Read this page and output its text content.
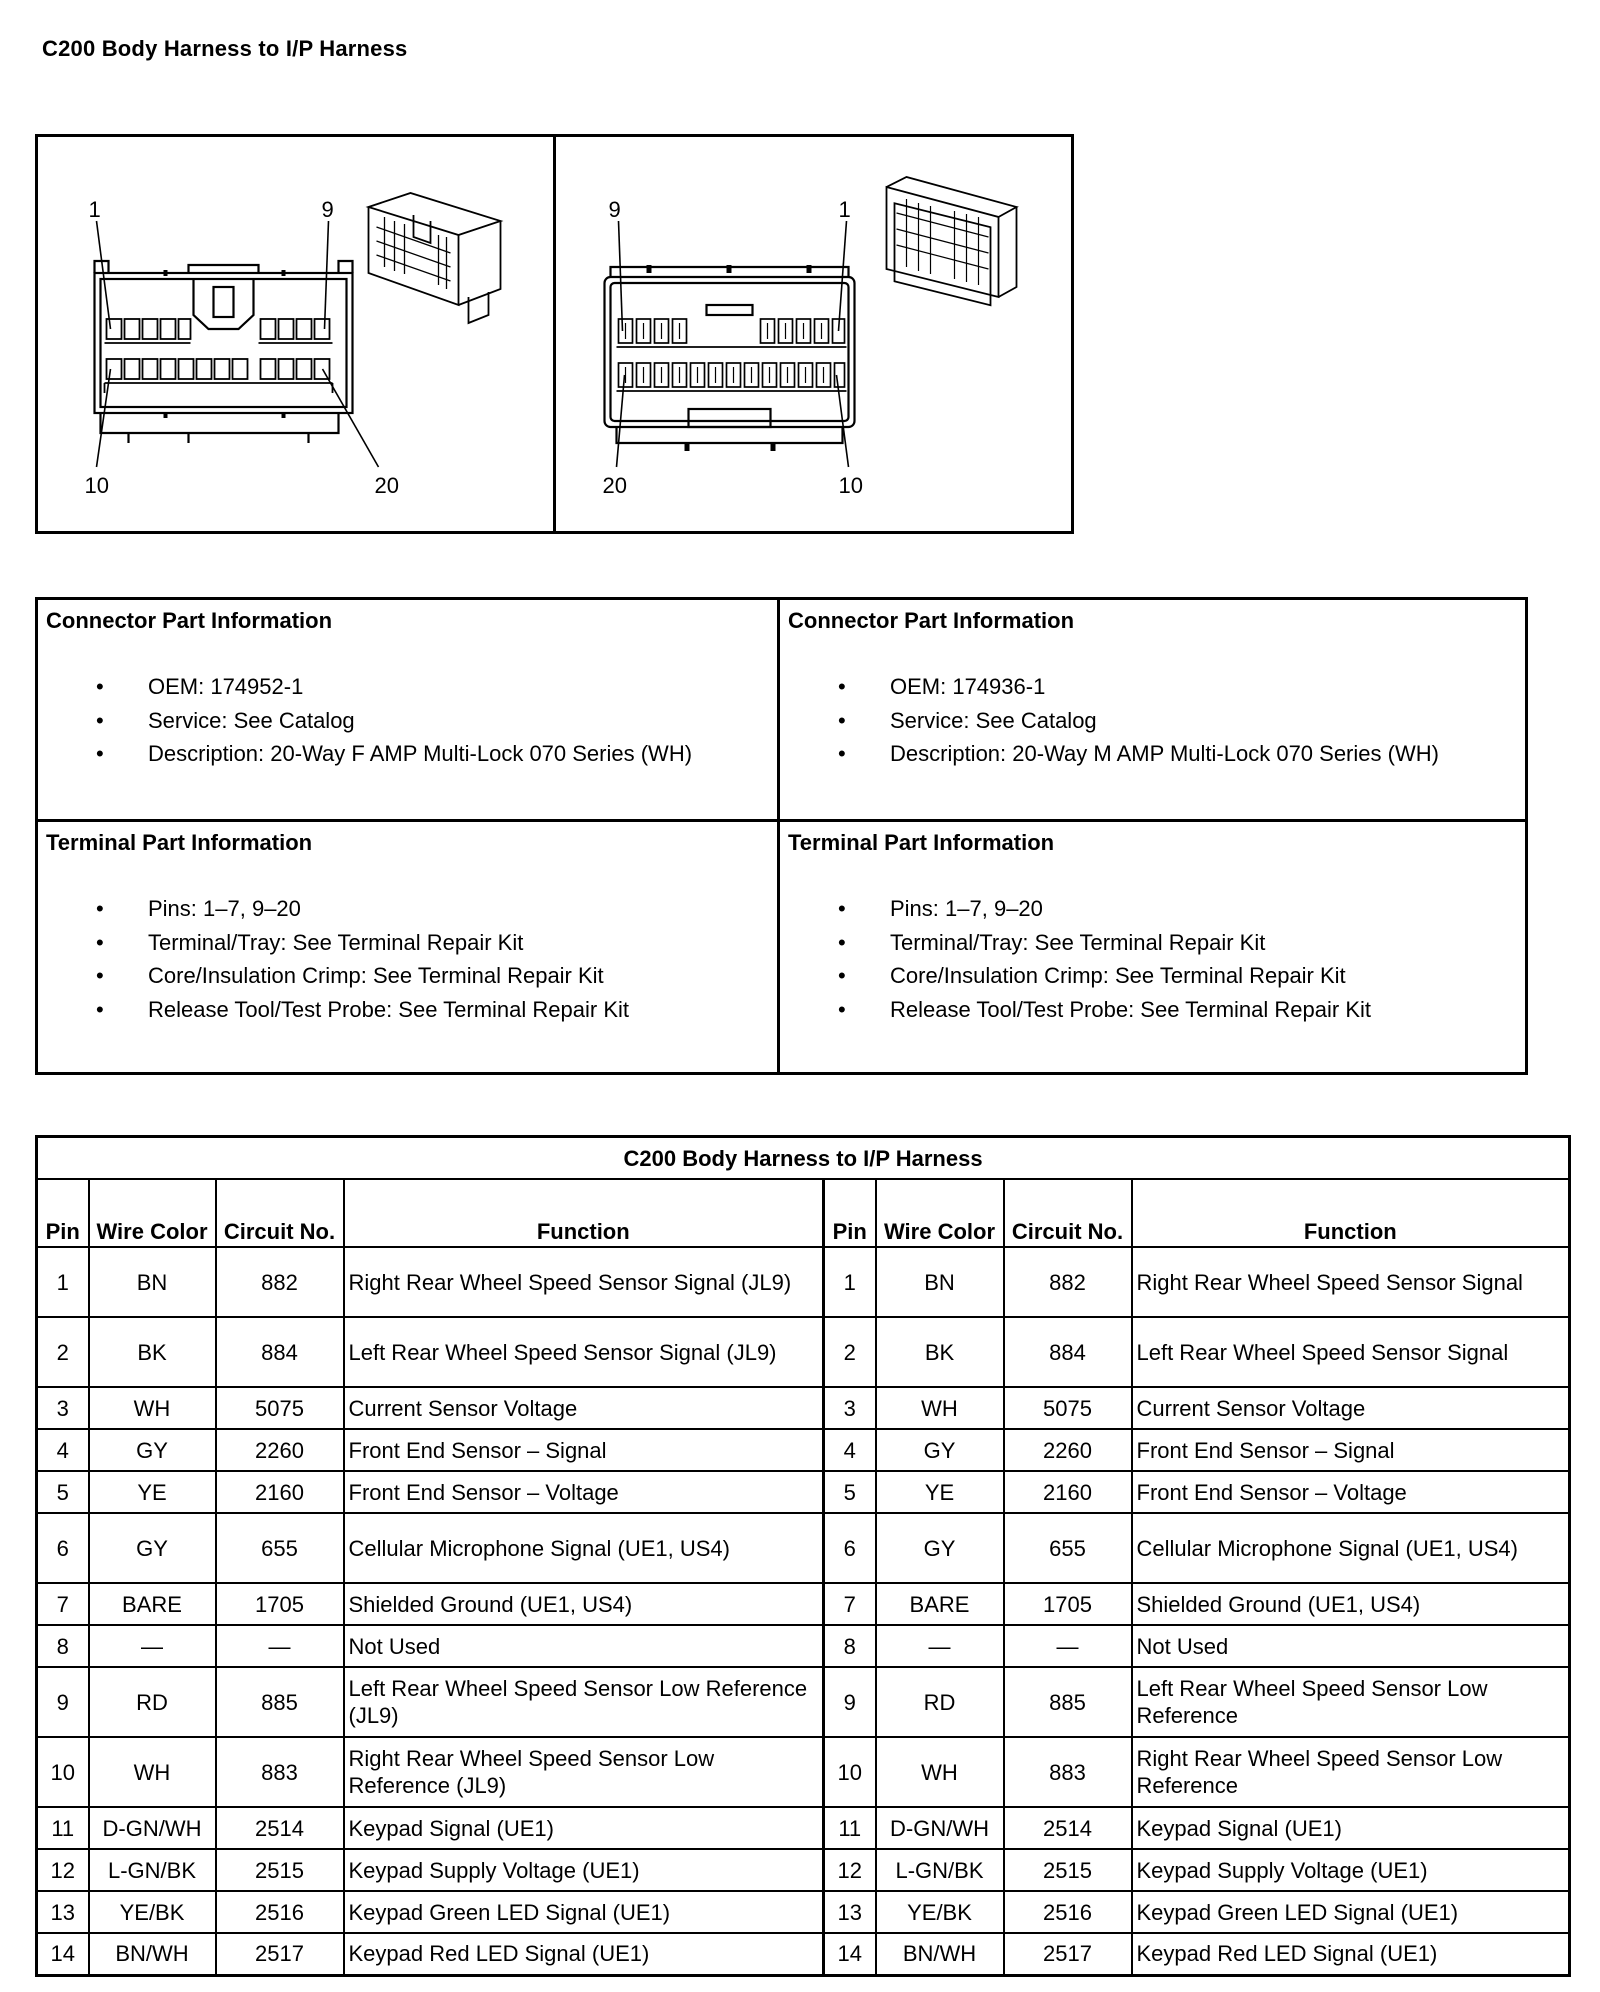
C200 Body Harness to I/P Harness
1	9
10	20
9	1
20	10
Connector Part Information
• OEM: 174952-1
• Service: See Catalog
• Description: 20-Way F AMP Multi-Lock 070 Series (WH)
Connector Part Information
• OEM: 174936-1
• Service: See Catalog
• Description: 20-Way M AMP Multi-Lock 070 Series (WH)
Terminal Part Information
• Pins: 1–7, 9–20
• Terminal/Tray: See Terminal Repair Kit
• Core/Insulation Crimp: See Terminal Repair Kit
• Release Tool/Test Probe: See Terminal Repair Kit
Terminal Part Information
• Pins: 1–7, 9–20
• Terminal/Tray: See Terminal Repair Kit
• Core/Insulation Crimp: See Terminal Repair Kit
• Release Tool/Test Probe: See Terminal Repair Kit
C200 Body Harness to I/P Harness							
Pin	Wire Color	Circuit No.	Function	Pin	Wire Color	Circuit No.	Function
1	BN	882	Right Rear Wheel Speed Sensor Signal (JL9)	1	BN	882	Right Rear Wheel Speed Sensor Signal
2	BK	884	Left Rear Wheel Speed Sensor Signal (JL9)	2	BK	884	Left Rear Wheel Speed Sensor Signal
3	WH	5075	Current Sensor Voltage	3	WH	5075	Current Sensor Voltage
4	GY	2260	Front End Sensor – Signal	4	GY	2260	Front End Sensor – Signal
5	YE	2160	Front End Sensor – Voltage	5	YE	2160	Front End Sensor – Voltage
6	GY	655	Cellular Microphone Signal (UE1, US4)	6	GY	655	Cellular Microphone Signal (UE1, US4)
7	BARE	1705	Shielded Ground (UE1, US4)	7	BARE	1705	Shielded Ground (UE1, US4)
8	—	—	Not Used	8	—	—	Not Used
9	RD	885	Left Rear Wheel Speed Sensor Low Reference (JL9)	9	RD	885	Left Rear Wheel Speed Sensor Low Reference
10	WH	883	Right Rear Wheel Speed Sensor Low Reference (JL9)	10	WH	883	Right Rear Wheel Speed Sensor Low Reference
11	D-GN/WH	2514	Keypad Signal (UE1)	11	D-GN/WH	2514	Keypad Signal (UE1)
12	L-GN/BK	2515	Keypad Supply Voltage (UE1)	12	L-GN/BK	2515	Keypad Supply Voltage (UE1)
13	YE/BK	2516	Keypad Green LED Signal (UE1)	13	YE/BK	2516	Keypad Green LED Signal (UE1)
14	BN/WH	2517	Keypad Red LED Signal (UE1)	14	BN/WH	2517	Keypad Red LED Signal (UE1)
